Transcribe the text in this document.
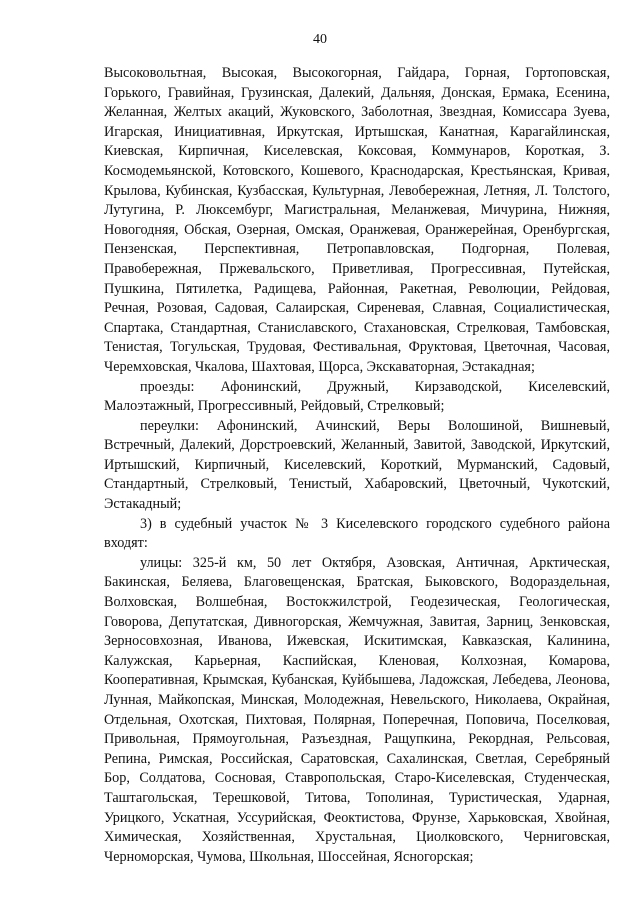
40

Высоковольтная, Высокая, Высокогорная, Гайдара, Горная, Гортоповская, Горького, Гравийная, Грузинская, Далекий, Дальняя, Донская, Ермака, Есенина, Желанная, Желтых акаций, Жуковского, Заболотная, Звездная, Комиссара Зуева, Игарская, Инициативная, Иркутская, Иртышская, Канатная, Карагайлинская, Киевская, Кирпичная, Киселевская, Коксовая, Коммунаров, Короткая, З. Космодемьянской, Котовского, Кошевого, Краснодарская, Крестьянская, Кривая, Крылова, Кубинская, Кузбасская, Культурная, Левобережная, Летняя, Л. Толстого, Лутугина, Р. Люксембург, Магистральная, Меланжевая, Мичурина, Нижняя, Новогодняя, Обская, Озерная, Омская, Оранжевая, Оранжерейная, Оренбургская, Пензенская, Перспективная, Петропавловская, Подгорная, Полевая, Правобережная, Пржевальского, Приветливая, Прогрессивная, Путейская, Пушкина, Пятилетка, Радищева, Районная, Ракетная, Революции, Рейдовая, Речная, Розовая, Садовая, Салаирская, Сиреневая, Славная, Социалистическая, Спартака, Стандартная, Станиславского, Стахановская, Стрелковая, Тамбовская, Тенистая, Тогульская, Трудовая, Фестивальная, Фруктовая, Цветочная, Часовая, Черемховская, Чкалова, Шахтовая, Щорса, Экскаваторная, Эстакадная;

проезды: Афонинский, Дружный, Кирзаводской, Киселевский, Малоэтажный, Прогрессивный, Рейдовый, Стрелковый;

переулки: Афонинский, Ачинский, Веры Волошиной, Вишневый, Встречный, Далекий, Дорстроевский, Желанный, Завитой, Заводской, Иркутский, Иртышский, Кирпичный, Киселевский, Короткий, Мурманский, Садовый, Стандартный, Стрелковый, Тенистый, Хабаровский, Цветочный, Чукотский, Эстакадный;

3) в судебный участок № 3 Киселевского городского судебного района входят:

улицы: 325-й км, 50 лет Октября, Азовская, Античная, Арктическая, Бакинская, Беляева, Благовещенская, Братская, Быковского, Водораздельная, Волховская, Волшебная, Востокжилстрой, Геодезическая, Геологическая, Говорова, Депутатская, Дивногорская, Жемчужная, Завитая, Зарниц, Зенковская, Зерносовхозная, Иванова, Ижевская, Искитимская, Кавказская, Калинина, Калужская, Карьерная, Каспийская, Кленовая, Колхозная, Комарова, Кооперативная, Крымская, Кубанская, Куйбышева, Ладожская, Лебедева, Леонова, Лунная, Майкопская, Минская, Молодежная, Невельского, Николаева, Окрайная, Отдельная, Охотская, Пихтовая, Полярная, Поперечная, Поповича, Поселковая, Привольная, Прямоугольная, Разъездная, Ращупкина, Рекордная, Рельсовая, Репина, Римская, Российская, Саратовская, Сахалинская, Светлая, Серебряный Бор, Солдатова, Сосновая, Ставропольская, Старо-Киселевская, Студенческая, Таштагольская, Терешковой, Титова, Тополиная, Туристическая, Ударная, Урицкого, Ускатная, Уссурийская, Феоктистова, Фрунзе, Харьковская, Хвойная, Химическая, Хозяйственная, Хрустальная, Циолковского, Черниговская, Черноморская, Чумова, Школьная, Шоссейная, Ясногорская;
